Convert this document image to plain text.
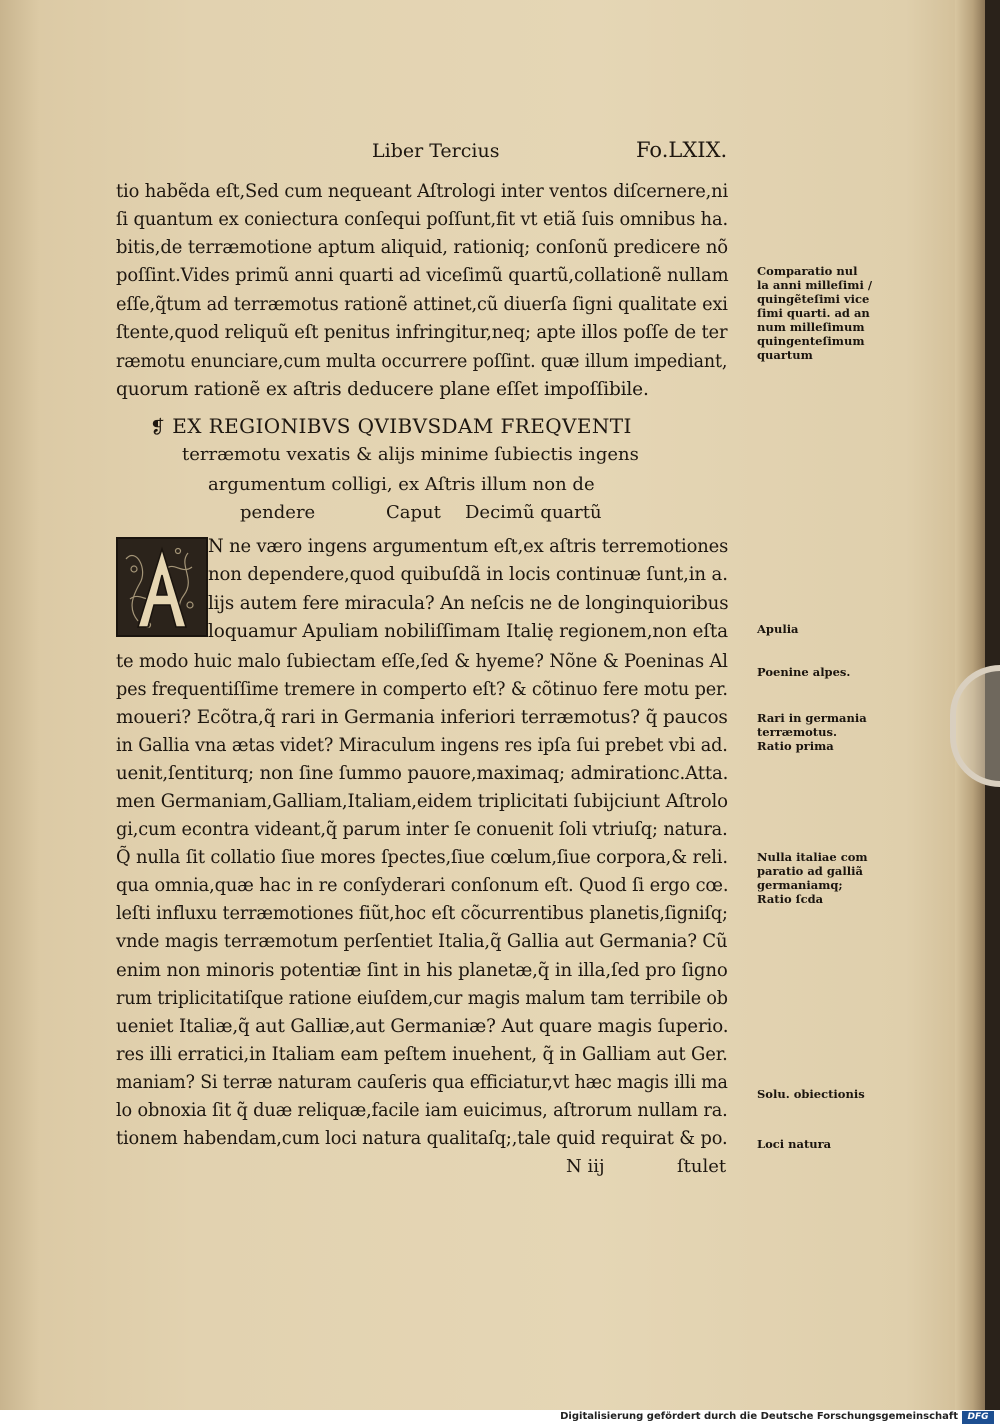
Liber Tercius	Fo.LXIX.
tio habẽda eſt,Sed cum nequeant Aſtrologi inter ventos diſcernere,ni
ſi quantum ex coniectura conſequi poſſunt,fit vt etiã ſuis omnibus ha.
bitis,de terræmotione aptum aliquid, rationiq; conſonũ predicere nõ
poſſint.Vides primũ anni quarti ad viceſimũ quartũ,collationẽ nullam
eſſe,q̃tum ad terræmotus rationẽ attinet,cũ diuerſa ſigni qualitate exi
ſtente,quod reliquũ eſt penitus infringitur,neq; apte illos poſſe de ter
ræmotu enunciare,cum multa occurrere poſſint. quæ illum impediant,
quorum rationẽ ex aſtris deducere plane eſſet impoſſibile.
❡ EX REGIONIBVS QVIBVSDAM FREQVENTI
terræmotu vexatis & alijs minime ſubiectis ingens
argumentum colligi, ex Aſtris illum non de
pendere	Caput Decimũ quartũ
N ne væro ingens argumentum eſt,ex aſtris terremotiones
non dependere,quod quibuſdã in locis continuæ ſunt,in a.
lijs autem fere miracula? An neſcis ne de longinquioribus
loquamur Apuliam nobiliſſimam Italię regionem,non eſta
te modo huic malo ſubiectam eſſe,ſed & hyeme? Nõne & Poeninas Al
pes frequentiſſime tremere in comperto eſt? & cõtinuo fere motu per.
moueri? Ecõtra,q̃ rari in Germania inferiori terræmotus? q̃ paucos
in Gallia vna ætas videt? Miraculum ingens res ipſa ſui prebet vbi ad.
uenit,ſentiturq; non ſine ſummo pauore,maximaq; admirationc.Atta.
men Germaniam,Galliam,Italiam,eidem triplicitati ſubijciunt Aſtrolo
gi,cum econtra videant,q̃ parum inter ſe conuenit ſoli vtriuſq; natura.
Q̃ nulla ſit collatio ſiue mores ſpectes,ſiue cœlum,ſiue corpora,& reli.
qua omnia,quæ hac in re conſyderari conſonum eſt. Quod ſi ergo cœ.
leſti influxu terræmotiones fiũt,hoc eſt cõcurrentibus planetis,ſigniſq;
vnde magis terræmotum perſentiet Italia,q̃ Gallia aut Germania? Cũ
enim non minoris potentiæ ſint in his planetæ,q̃ in illa,ſed pro ſigno
rum triplicitatiſque ratione eiuſdem,cur magis malum tam terribile ob
ueniet Italiæ,q̃ aut Galliæ,aut Germaniæ? Aut quare magis ſuperio.
res illi erratici,in Italiam eam peſtem inuehent, q̃ in Galliam aut Ger.
maniam? Si terræ naturam cauſeris qua efficiatur,vt hæc magis illi ma
lo obnoxia ſit q̃ duæ reliquæ,facile iam euicimus, aſtrorum nullam ra.
tionem habendam,cum loci natura qualitaſq;,tale quid requirat & po.
N iij	ſtulet
Comparatio nul
la anni milleſimi /
quingẽteſimi vice
ſimi quarti. ad an
num milleſimum
quingenteſimum
quartum
Apulia
Poenine alpes.
Rari in germania
terræmotus.
Ratio prima
Nulla italiae com
paratio ad galliã
germaniamq;
Ratio ſcda
Solu. obiectionis
Loci natura
Digitalisierung gefördert durch die Deutsche Forschungsgemeinschaft	DFG
